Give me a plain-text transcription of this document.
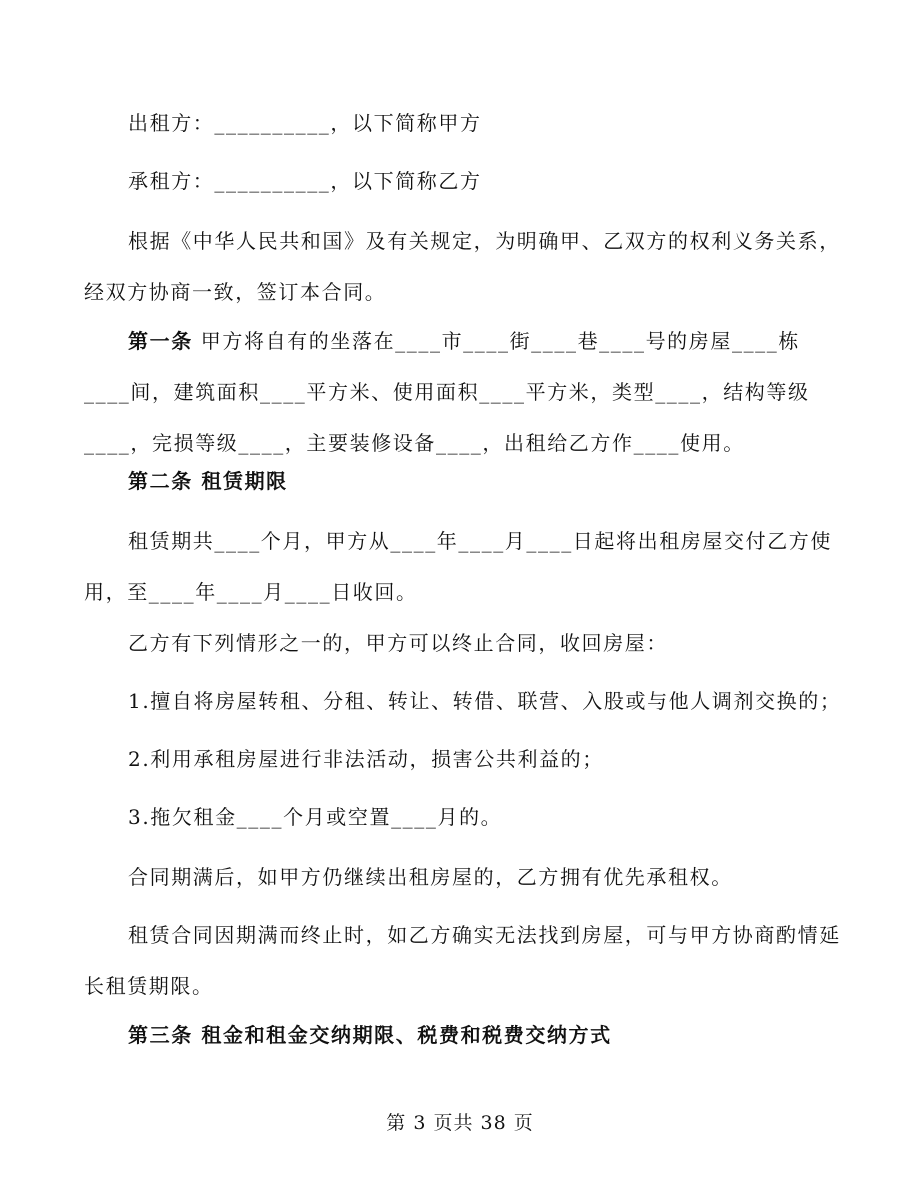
出租方：__________，以下简称甲方

承租方：__________，以下简称乙方

根据《中华人民共和国》及有关规定，为明确甲、乙双方的权利义务关系，经双方协商一致，签订本合同。

第一条 甲方将自有的坐落在____市____街____巷____号的房屋____栋____间，建筑面积____平方米、使用面积____平方米，类型____，结构等级____，完损等级____，主要装修设备____，出租给乙方作____使用。

第二条 租赁期限

租赁期共____个月，甲方从____年____月____日起将出租房屋交付乙方使用，至____年____月____日收回。

乙方有下列情形之一的，甲方可以终止合同，收回房屋：

1.擅自将房屋转租、分租、转让、转借、联营、入股或与他人调剂交换的；

2.利用承租房屋进行非法活动，损害公共利益的；

3.拖欠租金____个月或空置____月的。

合同期满后，如甲方仍继续出租房屋的，乙方拥有优先承租权。

租赁合同因期满而终止时，如乙方确实无法找到房屋，可与甲方协商酌情延长租赁期限。

第三条 租金和租金交纳期限、税费和税费交纳方式

第 3 页共 38 页
